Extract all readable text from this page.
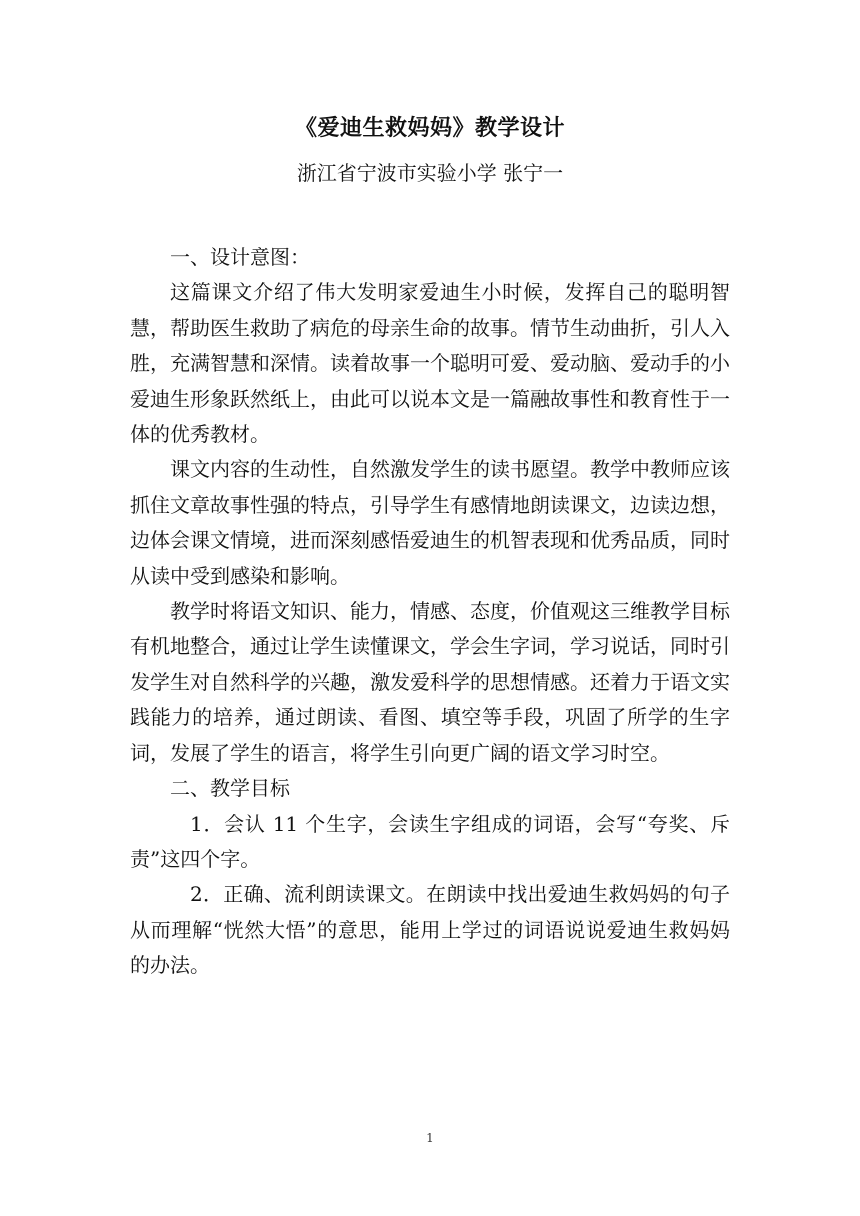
《爱迪生救妈妈》教学设计
浙江省宁波市实验小学 张宁一

一、设计意图：

这篇课文介绍了伟大发明家爱迪生小时候，发挥自己的聪明智慧，帮助医生救助了病危的母亲生命的故事。情节生动曲折，引人入胜，充满智慧和深情。读着故事一个聪明可爱、爱动脑、爱动手的小爱迪生形象跃然纸上，由此可以说本文是一篇融故事性和教育性于一体的优秀教材。

课文内容的生动性，自然激发学生的读书愿望。教学中教师应该抓住文章故事性强的特点，引导学生有感情地朗读课文，边读边想，边体会课文情境，进而深刻感悟爱迪生的机智表现和优秀品质，同时从读中受到感染和影响。

教学时将语文知识、能力，情感、态度，价值观这三维教学目标有机地整合，通过让学生读懂课文，学会生字词，学习说话，同时引发学生对自然科学的兴趣，激发爱科学的思想情感。还着力于语文实践能力的培养，通过朗读、看图、填空等手段，巩固了所学的生字词，发展了学生的语言，将学生引向更广阔的语文学习时空。

二、教学目标

1．会认 11 个生字，会读生字组成的词语，会写“夸奖、斥责”这四个字。

2．正确、流利朗读课文。在朗读中找出爱迪生救妈妈的句子从而理解“恍然大悟”的意思，能用上学过的词语说说爱迪生救妈妈的办法。

1
